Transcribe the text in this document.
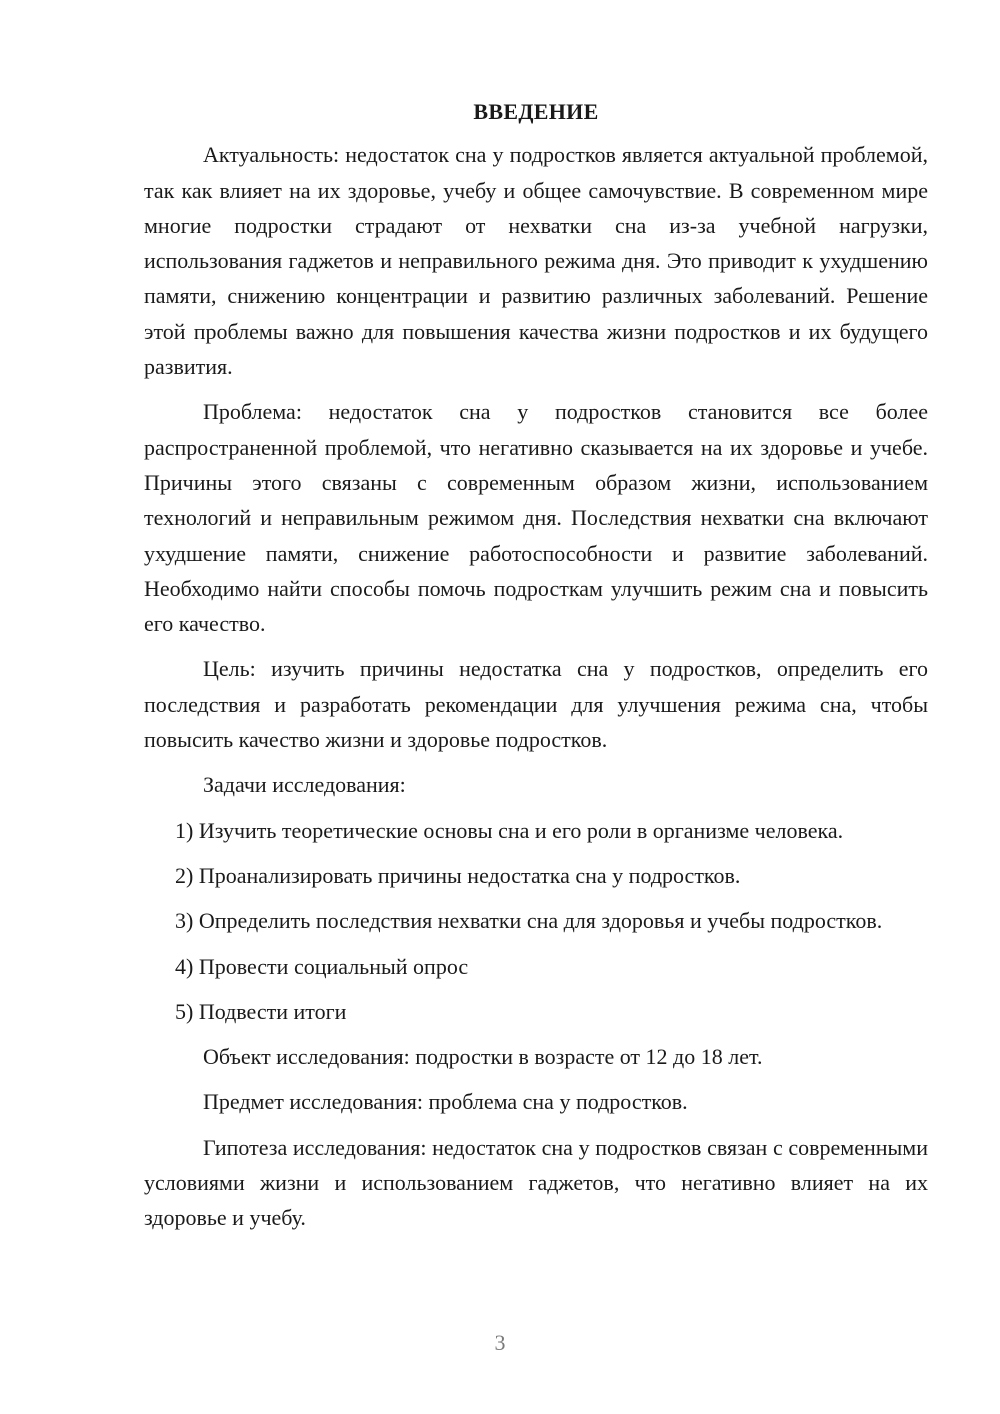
ВВЕДЕНИЕ

Актуальность: недостаток сна у подростков является актуальной проблемой, так как влияет на их здоровье, учебу и общее самочувствие. В современном мире многие подростки страдают от нехватки сна из-за учебной нагрузки, использования гаджетов и неправильного режима дня. Это приводит к ухудшению памяти, снижению концентрации и развитию различных заболеваний. Решение этой проблемы важно для повышения качества жизни подростков и их будущего развития.

Проблема: недостаток сна у подростков становится все более распространенной проблемой, что негативно сказывается на их здоровье и учебе. Причины этого связаны с современным образом жизни, использованием технологий и неправильным режимом дня. Последствия нехватки сна включают ухудшение памяти, снижение работоспособности и развитие заболеваний. Необходимо найти способы помочь подросткам улучшить режим сна и повысить его качество.

Цель: изучить причины недостатка сна у подростков, определить его последствия и разработать рекомендации для улучшения режима сна, чтобы повысить качество жизни и здоровье подростков.

Задачи исследования:

1) Изучить теоретические основы сна и его роли в организме человека.

2) Проанализировать причины недостатка сна у подростков.

3) Определить последствия нехватки сна для здоровья и учебы подростков.

4) Провести социальный опрос

5) Подвести итоги

Объект исследования: подростки в возрасте от 12 до 18 лет.

Предмет исследования: проблема сна у подростков.

Гипотеза исследования: недостаток сна у подростков связан с современными условиями жизни и использованием гаджетов, что негативно влияет на их здоровье и учебу.

3
